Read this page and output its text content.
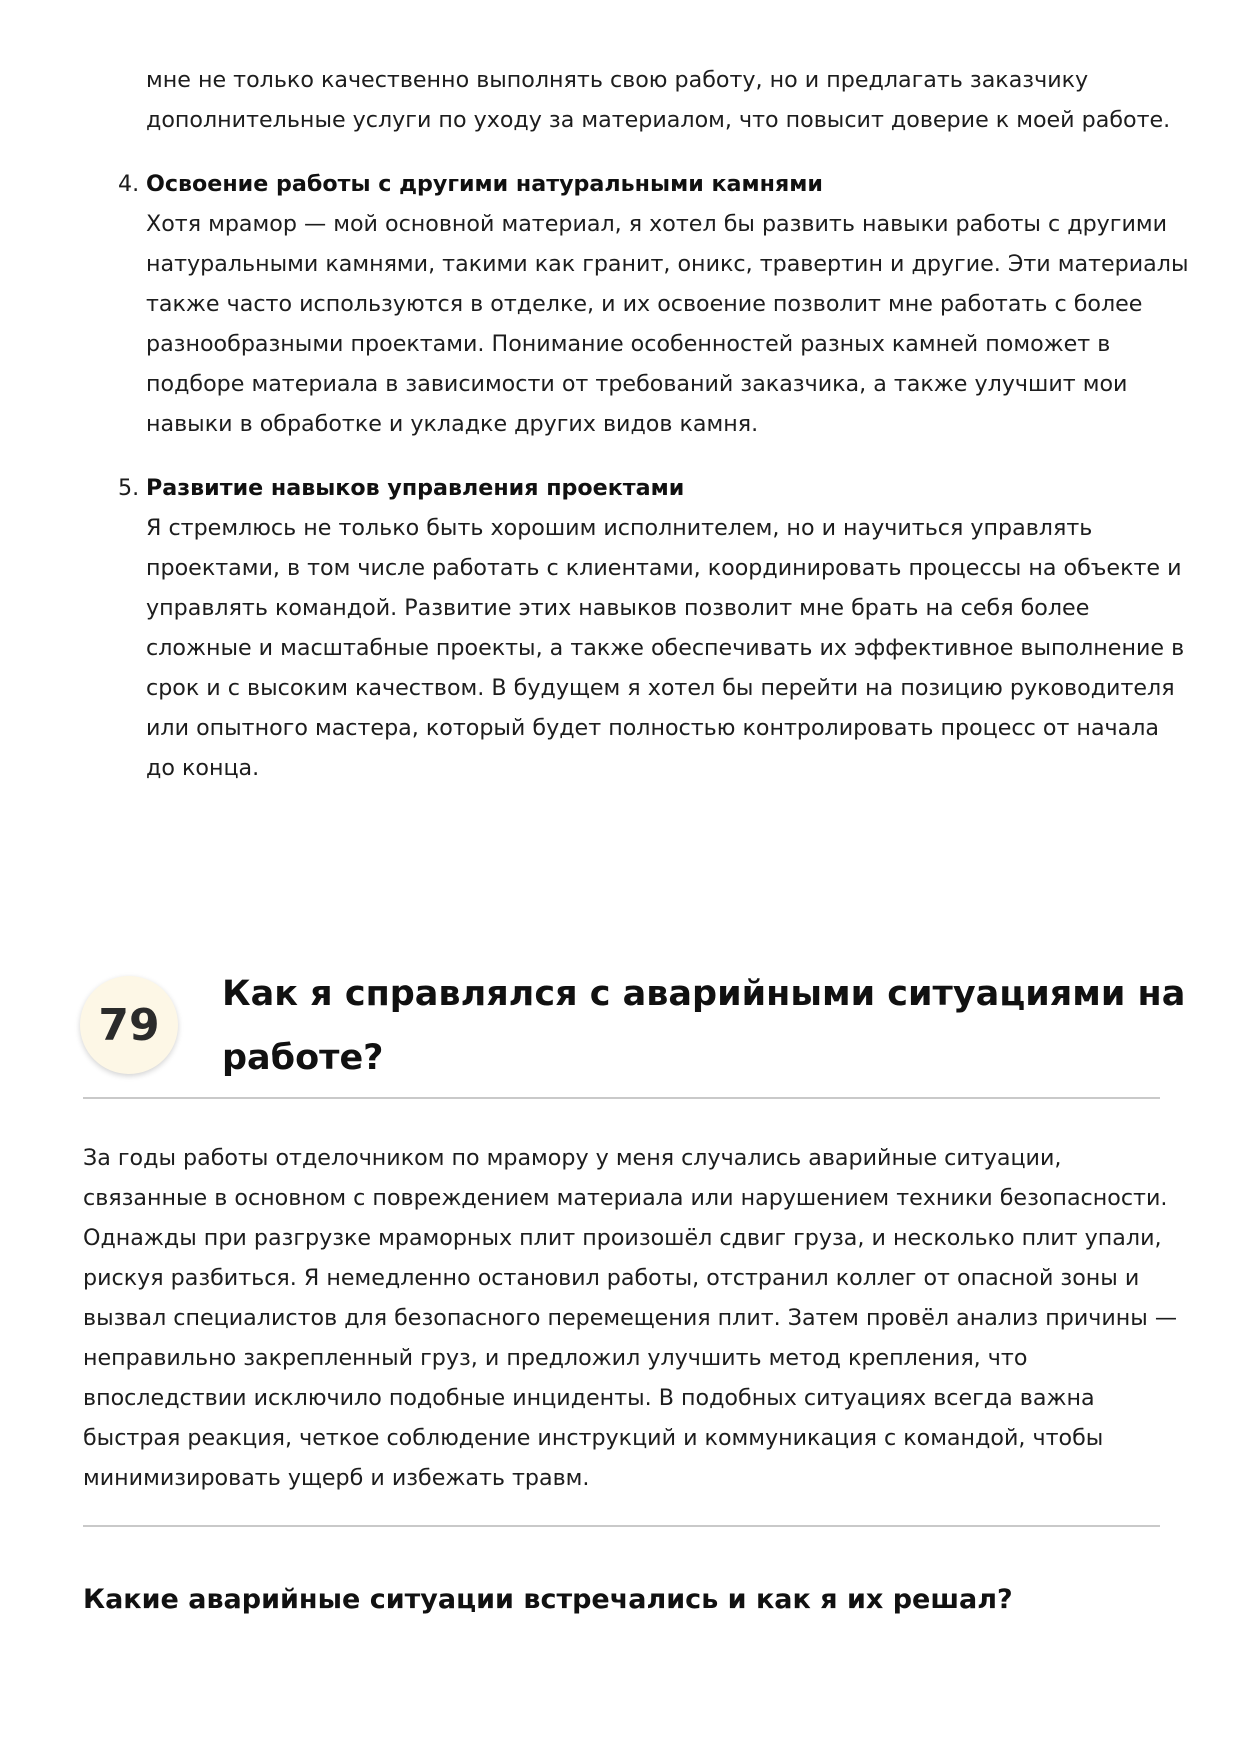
мне не только качественно выполнять свою работу, но и предлагать заказчику
дополнительные услуги по уходу за материалом, что повысит доверие к моей работе.
4. Освоение работы с другими натуральными камнями
Хотя мрамор — мой основной материал, я хотел бы развить навыки работы с другими
натуральными камнями, такими как гранит, оникс, травертин и другие. Эти материалы
также часто используются в отделке, и их освоение позволит мне работать с более
разнообразными проектами. Понимание особенностей разных камней поможет в
подборе материала в зависимости от требований заказчика, а также улучшит мои
навыки в обработке и укладке других видов камня.
5. Развитие навыков управления проектами
Я стремлюсь не только быть хорошим исполнителем, но и научиться управлять
проектами, в том числе работать с клиентами, координировать процессы на объекте и
управлять командой. Развитие этих навыков позволит мне брать на себя более
сложные и масштабные проекты, а также обеспечивать их эффективное выполнение в
срок и с высоким качеством. В будущем я хотел бы перейти на позицию руководителя
или опытного мастера, который будет полностью контролировать процесс от начала
до конца.
79
Как я справлялся с аварийными ситуациями на
работе?
За годы работы отделочником по мрамору у меня случались аварийные ситуации,
связанные в основном с повреждением материала или нарушением техники безопасности.
Однажды при разгрузке мраморных плит произошёл сдвиг груза, и несколько плит упали,
рискуя разбиться. Я немедленно остановил работы, отстранил коллег от опасной зоны и
вызвал специалистов для безопасного перемещения плит. Затем провёл анализ причины —
неправильно закрепленный груз, и предложил улучшить метод крепления, что
впоследствии исключило подобные инциденты. В подобных ситуациях всегда важна
быстрая реакция, четкое соблюдение инструкций и коммуникация с командой, чтобы
минимизировать ущерб и избежать травм.
Какие аварийные ситуации встречались и как я их решал?
